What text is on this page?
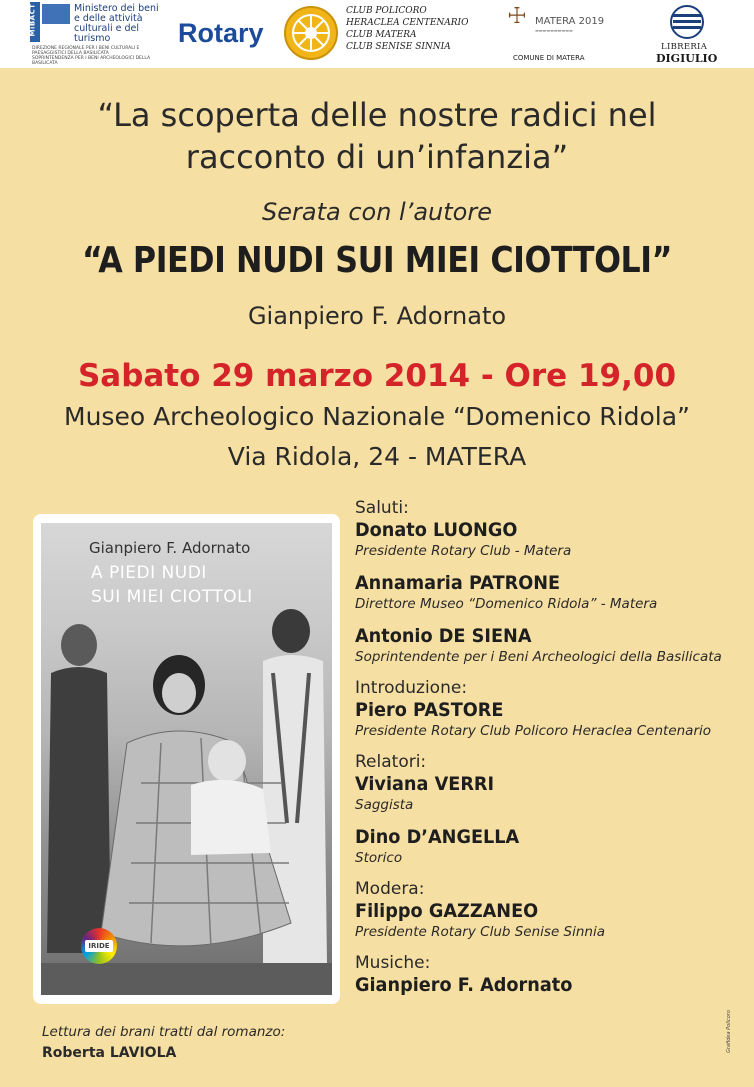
MiBACT	Ministero dei beni e delle attività culturali e del turismo
DIREZIONE REGIONALE PER I BENI CULTURALI E PAESAGGISTICI DELLA BASILICATA
SOPRINTENDENZA PER I BENI ARCHEOLOGICI DELLA BASILICATA
Rotary
CLUB POLICORO
HERACLEA CENTENARIO
CLUB MATERA
CLUB SENISE SINNIA
☩ MATERA 2019
▬▬▬▬▬▬▬▬▬▬
COMUNE DI MATERA
LIBRERIA
DIGIULIO
“La scoperta delle nostre radici nel
racconto di un’infanzia”
Serata con l’autore
“A PIEDI NUDI SUI MIEI CIOTTOLI”
Gianpiero F. Adornato
Sabato 29 marzo 2014 - Ore 19,00
Museo Archeologico Nazionale “Domenico Ridola”
Via Ridola, 24 - MATERA
Gianpiero F. Adornato
A PIEDI NUDI
SUI MIEI CIOTTOLI
IRIDE
Lettura dei brani tratti dal romanzo:
Roberta LAVIOLA

Saluti:

Donato LUONGO

Presidente Rotary Club - Matera

Annamaria PATRONE

Direttore Museo “Domenico Ridola” - Matera

Antonio DE SIENA

Soprintendente per i Beni Archeologici della Basilicata

Introduzione:

Piero PASTORE

Presidente Rotary Club Policoro Heraclea Centenario

Relatori:

Viviana VERRI

Saggista

Dino D’ANGELLA

Storico

Modera:

Filippo GAZZANEO

Presidente Rotary Club Senise Sinnia

Musiche:

Gianpiero F. Adornato

Grafidea Policoro
